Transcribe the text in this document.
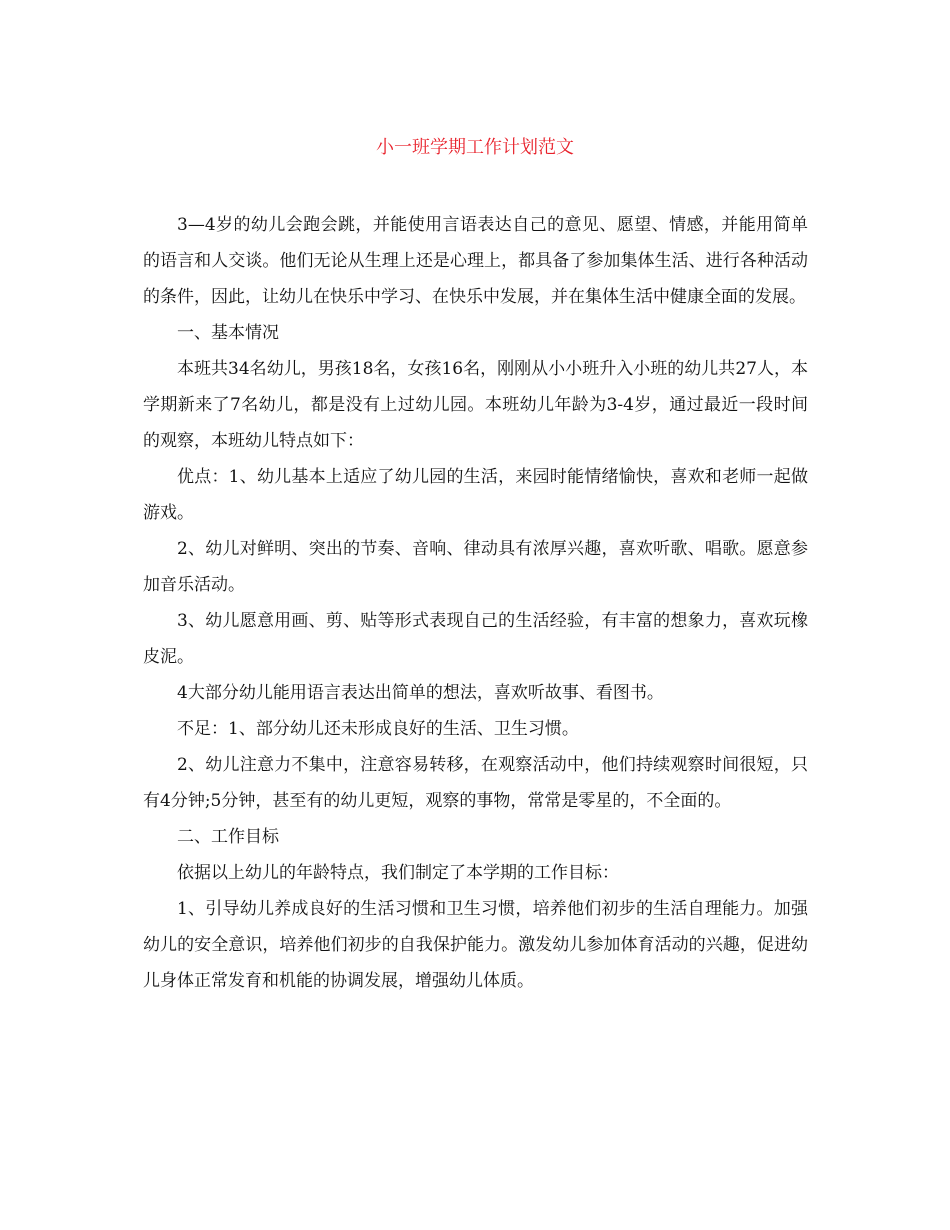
小一班学期工作计划范文

3—4岁的幼儿会跑会跳，并能使用言语表达自己的意见、愿望、情感，并能用简单的语言和人交谈。他们无论从生理上还是心理上，都具备了参加集体生活、进行各种活动的条件，因此，让幼儿在快乐中学习、在快乐中发展，并在集体生活中健康全面的发展。

一、基本情况

本班共34名幼儿，男孩18名，女孩16名，刚刚从小小班升入小班的幼儿共27人，本学期新来了7名幼儿，都是没有上过幼儿园。本班幼儿年龄为3-4岁，通过最近一段时间的观察，本班幼儿特点如下：

优点：1、幼儿基本上适应了幼儿园的生活，来园时能情绪愉快，喜欢和老师一起做游戏。

2、幼儿对鲜明、突出的节奏、音响、律动具有浓厚兴趣，喜欢听歌、唱歌。愿意参加音乐活动。

3、幼儿愿意用画、剪、贴等形式表现自己的生活经验，有丰富的想象力，喜欢玩橡皮泥。

4大部分幼儿能用语言表达出简单的想法，喜欢听故事、看图书。

不足：1、部分幼儿还未形成良好的生活、卫生习惯。

2、幼儿注意力不集中，注意容易转移，在观察活动中，他们持续观察时间很短，只有4分钟;5分钟，甚至有的幼儿更短，观察的事物，常常是零星的，不全面的。

二、工作目标

依据以上幼儿的年龄特点，我们制定了本学期的工作目标：

1、引导幼儿养成良好的生活习惯和卫生习惯，培养他们初步的生活自理能力。加强幼儿的安全意识，培养他们初步的自我保护能力。激发幼儿参加体育活动的兴趣，促进幼儿身体正常发育和机能的协调发展，增强幼儿体质。
